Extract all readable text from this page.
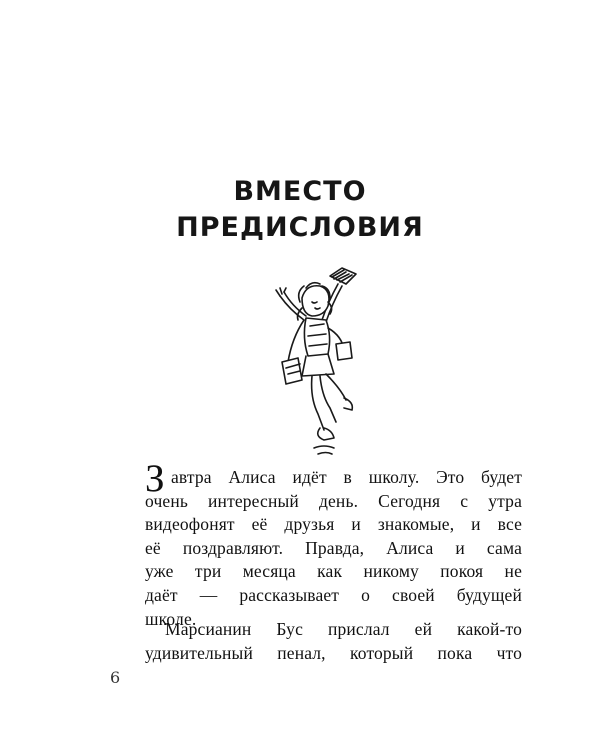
ВМЕСТО
ПРЕДИСЛОВИЯ
З автра Алиса идёт в школу. Это будет
очень интересный день. Сегодня с утра
видеофонят её друзья и знакомые, и все
её поздравляют. Правда, Алиса и сама
уже три месяца как никому покоя не
даёт — рассказывает о своей будущей
школе.
Марсианин Бус прислал ей какой-то
удивительный пенал, который пока что
6
